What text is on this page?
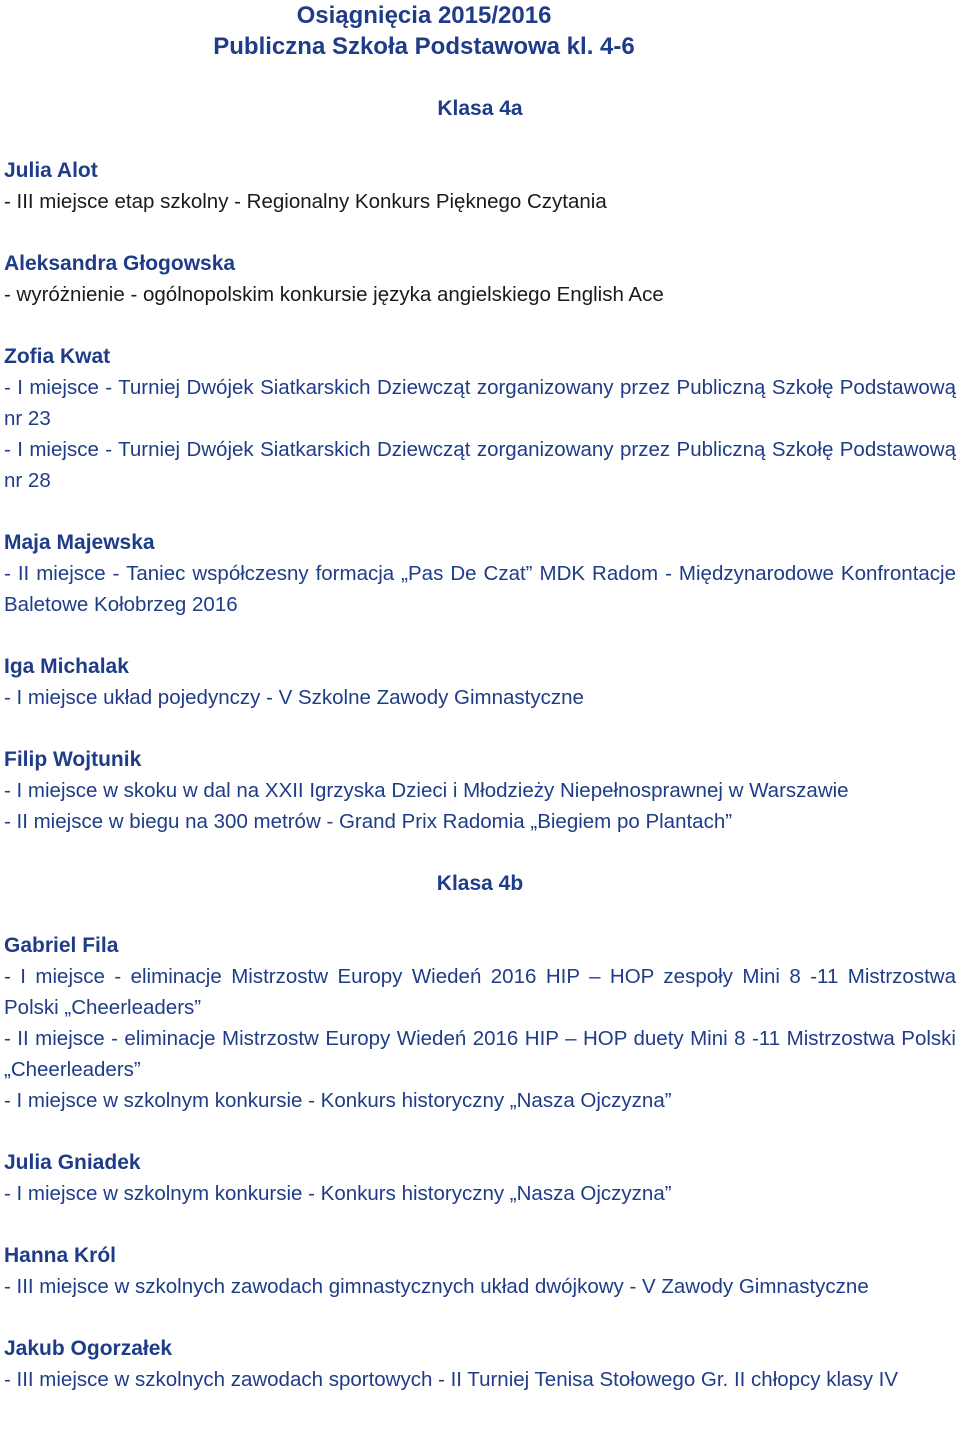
Osiągnięcia 2015/2016
Publiczna Szkoła Podstawowa kl. 4-6
Klasa 4a
Julia Alot
- III miejsce etap szkolny - Regionalny Konkurs Pięknego Czytania
Aleksandra Głogowska
- wyróżnienie - ogólnopolskim konkursie języka angielskiego English Ace
Zofia Kwat
- I miejsce - Turniej Dwójek Siatkarskich Dziewcząt zorganizowany przez Publiczną Szkołę Podstawową nr 23
- I miejsce - Turniej Dwójek Siatkarskich Dziewcząt zorganizowany przez Publiczną Szkołę Podstawową nr 28
Maja Majewska
- II miejsce - Taniec współczesny formacja „Pas De Czat” MDK Radom - Międzynarodowe Konfrontacje Baletowe Kołobrzeg 2016
Iga Michalak
- I miejsce układ pojedynczy - V Szkolne Zawody Gimnastyczne
Filip Wojtunik
- I miejsce w skoku w dal na XXII Igrzyska Dzieci i Młodzieży Niepełnosprawnej w Warszawie
- II miejsce w biegu na 300 metrów - Grand Prix Radomia „Biegiem po Plantach”
Klasa 4b
Gabriel Fila
- I miejsce - eliminacje Mistrzostw Europy Wiedeń 2016 HIP – HOP zespoły Mini 8 -11 Mistrzostwa Polski „Cheerleaders”
- II miejsce - eliminacje Mistrzostw Europy Wiedeń 2016 HIP – HOP duety Mini 8 -11 Mistrzostwa Polski „Cheerleaders”
- I miejsce w szkolnym konkursie - Konkurs historyczny „Nasza Ojczyzna”
Julia Gniadek
- I miejsce w szkolnym konkursie - Konkurs historyczny „Nasza Ojczyzna”
Hanna Król
- III miejsce w szkolnych zawodach gimnastycznych układ dwójkowy - V Zawody Gimnastyczne
Jakub Ogorzałek
- III miejsce w szkolnych zawodach sportowych - II Turniej Tenisa Stołowego Gr. II chłopcy klasy IV
